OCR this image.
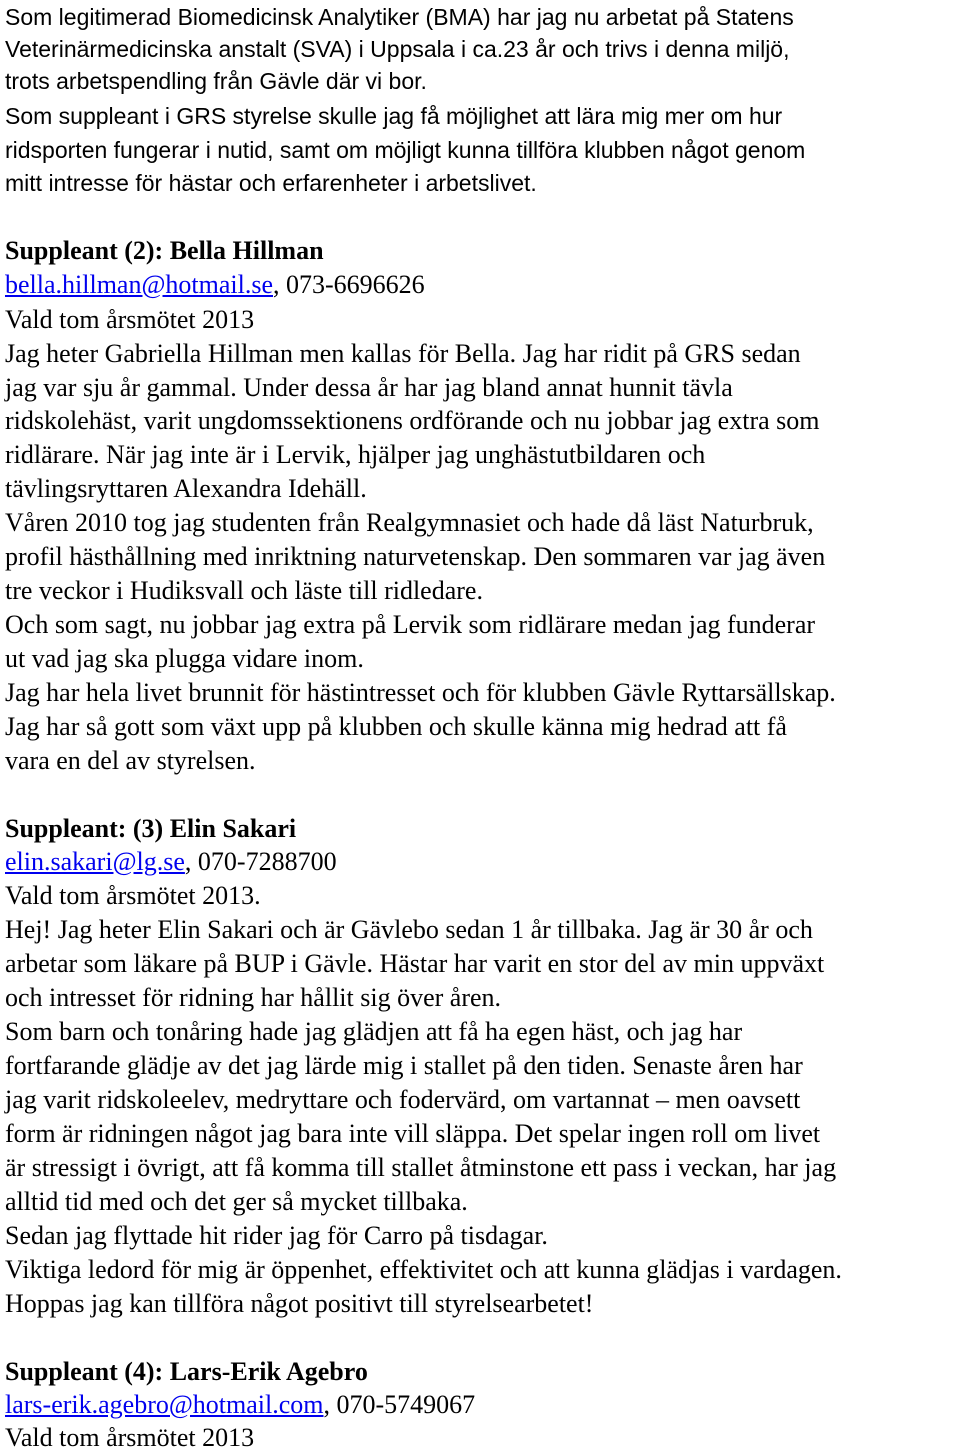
Som legitimerad Biomedicinsk Analytiker (BMA) har jag nu arbetat på Statens
Veterinärmedicinska anstalt (SVA) i Uppsala i ca.23 år och trivs i denna miljö,
trots arbetspendling från Gävle där vi bor.
Som suppleant i GRS styrelse skulle jag få möjlighet att lära mig mer om hur
ridsporten fungerar i nutid, samt om möjligt kunna tillföra klubben något genom
mitt intresse för hästar och erfarenheter i arbetslivet.
Suppleant (2): Bella Hillman
bella.hillman@hotmail.se, 073-6696626
Vald tom årsmötet 2013
Jag heter Gabriella Hillman men kallas för Bella. Jag har ridit på GRS sedan
jag var sju år gammal. Under dessa år har jag bland annat hunnit tävla
ridskolehäst, varit ungdomssektionens ordförande och nu jobbar jag extra som
ridlärare. När jag inte är i Lervik, hjälper jag unghästutbildaren och
tävlingsryttaren Alexandra Idehäll.
Våren 2010 tog jag studenten från Realgymnasiet och hade då läst Naturbruk,
profil hästhållning med inriktning naturvetenskap. Den sommaren var jag även
tre veckor i Hudiksvall och läste till ridledare.
Och som sagt, nu jobbar jag extra på Lervik som ridlärare medan jag funderar
ut vad jag ska plugga vidare inom.
Jag har hela livet brunnit för hästintresset och för klubben Gävle Ryttarsällskap.
Jag har så gott som växt upp på klubben och skulle känna mig hedrad att få
vara en del av styrelsen.
Suppleant: (3) Elin Sakari
elin.sakari@lg.se, 070-7288700
Vald tom årsmötet 2013.
Hej! Jag heter Elin Sakari och är Gävlebo sedan 1 år tillbaka. Jag är 30 år och
arbetar som läkare på BUP i Gävle. Hästar har varit en stor del av min uppväxt
och intresset för ridning har hållit sig över åren.
Som barn och tonåring hade jag glädjen att få ha egen häst, och jag har
fortfarande glädje av det jag lärde mig i stallet på den tiden. Senaste åren har
jag varit ridskoleelev, medryttare och fodervärd, om vartannat – men oavsett
form är ridningen något jag bara inte vill släppa. Det spelar ingen roll om livet
är stressigt i övrigt, att få komma till stallet åtminstone ett pass i veckan, har jag
alltid tid med och det ger så mycket tillbaka.
Sedan jag flyttade hit rider jag för Carro på tisdagar.
Viktiga ledord för mig är öppenhet, effektivitet och att kunna glädjas i vardagen.
Hoppas jag kan tillföra något positivt till styrelsearbetet!
Suppleant (4): Lars-Erik Agebro
lars-erik.agebro@hotmail.com, 070-5749067
Vald tom årsmötet 2013
